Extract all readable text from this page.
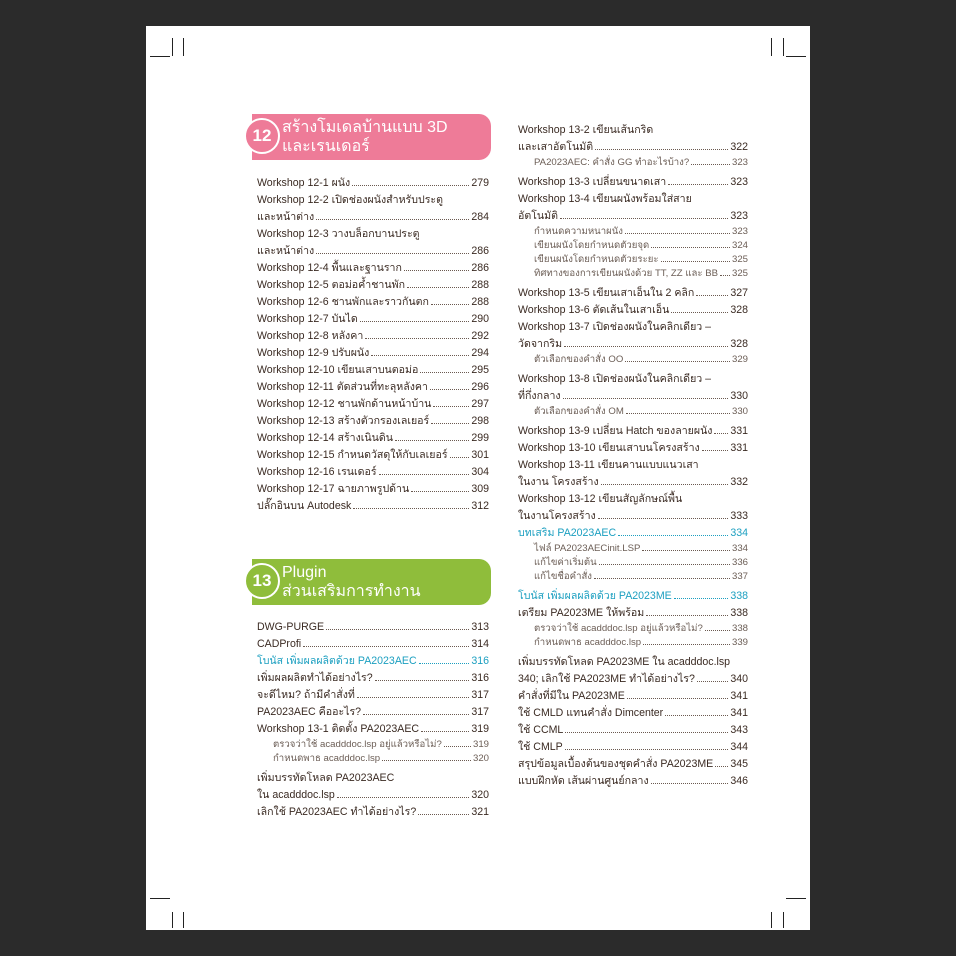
12 สร้างโมเดลบ้านแบบ 3D
และเรนเดอร์
13 Plugin
ส่วนเสริมการทำงาน
Workshop 12-1 ผนัง	279
Workshop 12-2 เปิดช่องผนังสำหรับประตู
และหน้าต่าง	284
Workshop 12-3 วางบล็อกบานประตู
และหน้าต่าง	286
Workshop 12-4 พื้นและฐานราก	286
Workshop 12-5 ตอม่อค้ำชานพัก	288
Workshop 12-6 ชานพักและราวกันตก	288
Workshop 12-7 บันได	290
Workshop 12-8 หลังคา	292
Workshop 12-9 ปรับผนัง	294
Workshop 12-10 เขียนเสาบนตอม่อ	295
Workshop 12-11 ตัดส่วนที่ทะลุหลังคา	296
Workshop 12-12 ชานพักด้านหน้าบ้าน	297
Workshop 12-13 สร้างตัวกรองเลเยอร์	298
Workshop 12-14 สร้างเนินดิน	299
Workshop 12-15 กำหนดวัสดุให้กับเลเยอร์ 301
Workshop 12-16 เรนเดอร์	304
Workshop 12-17 ฉายภาพรูปด้าน	309
ปลั๊กอินบน Autodesk	312
DWG-PURGE	313
CADProfi	314
โบนัส เพิ่มผลผลิตด้วย PA2023AEC	316
เพิ่มผลผลิตทำได้อย่างไร?	316
จะดีไหม? ถ้ามีคำสั่งที่	317
PA2023AEC คืออะไร?	317
Workshop 13-1 ติดตั้ง PA2023AEC	319
ตรวจว่าใช้ acadddoc.lsp อยู่แล้วหรือไม่?	319
กำหนดพาธ acadddoc.lsp	320
เพิ่มบรรทัดโหลด PA2023AEC
ใน acadddoc.lsp	320
เลิกใช้ PA2023AEC ทำได้อย่างไร?	321
Workshop 13-2 เขียนเส้นกริด
และเสาอัตโนมัติ	322
PA2023AEC: คำสั่ง GG ทำอะไรบ้าง?	323
Workshop 13-3 เปลี่ยนขนาดเสา	323
Workshop 13-4 เขียนผนังพร้อมใส่สาย
อัตโนมัติ	323
กำหนดความหนาผนัง	323
เขียนผนังโดยกำหนดตัวยจุด	324
เขียนผนังโดยกำหนดตัวยระยะ	325
ทิศทางของการเขียนผนังด้วย TT, ZZ และ BB 325
Workshop 13-5 เขียนเสาเอ็นใน 2 คลิก	327
Workshop 13-6 ตัดเส้นในเสาเอ็น	328
Workshop 13-7 เปิดช่องผนังในคลิกเดียว –
วัดจากริม	328
ตัวเลือกของคำสั่ง OO	329
Workshop 13-8 เปิดช่องผนังในคลิกเดียว –
ที่กึ่งกลาง	330
ตัวเลือกของคำสั่ง OM	330
Workshop 13-9 เปลี่ยน Hatch ของลายผนัง 331
Workshop 13-10 เขียนเสาบนโครงสร้าง	331
Workshop 13-11 เขียนคานแบบแนวเสา
ในงาน โครงสร้าง	332
Workshop 13-12 เขียนสัญลักษณ์พื้น
ในงานโครงสร้าง	333
บทเสริม PA2023AEC	334
ไฟล์ PA2023AECinit.LSP	334
แก้ไขค่าเริ่มต้น	336
แก้ไขชื่อคำสั่ง	337
โบนัส เพิ่มผลผลิตด้วย PA2023ME	338
เตรียม PA2023ME ให้พร้อม	338
ตรวจว่าใช้ acadddoc.lsp อยู่แล้วหรือไม่?	338
กำหนดพาธ acadddoc.lsp	339
เพิ่มบรรทัดโหลด PA2023ME ใน acadddoc.lsp
340; เลิกใช้ PA2023ME ทำได้อย่างไร?	340
คำสั่งที่มีใน PA2023ME	341
ใช้ CMLD แทนคำสั่ง Dimcenter	341
ใช้ CCML	343
ใช้ CMLP	344
สรุปข้อมูลเบื้องต้นของชุดคำสั่ง PA2023ME 345
แบบฝึกหัด เส้นผ่านศูนย์กลาง	346
